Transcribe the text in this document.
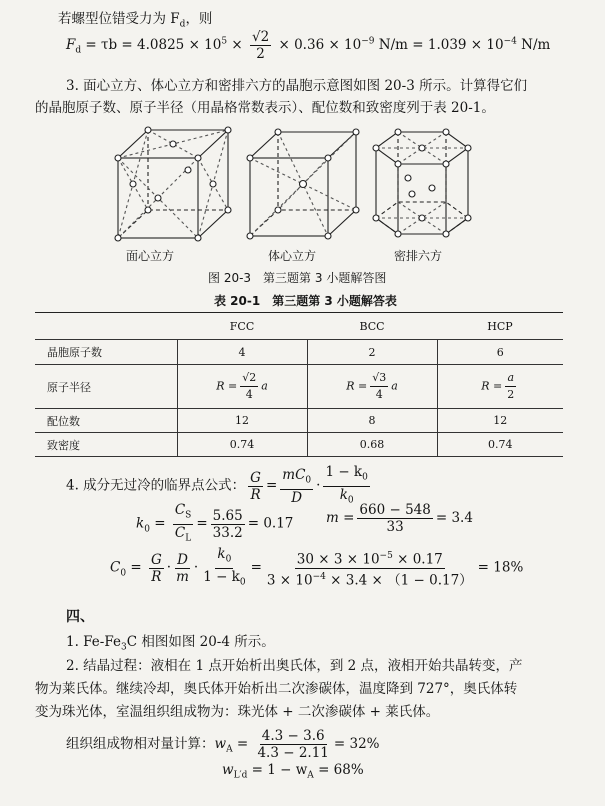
若螺型位错受力为 $F_d$，则
$F_d = \tau b = 4.0825 \times 10^5 \times \frac{√2}{2} \times 0.36 \times 10^{-9}$ $N/m = 1.039 \times 10^{-4}$ N/m
3. 面心立方、体心立方和密排六方的晶胞示意图如图 20-3 所示。计算得它们
的晶胞原子数、原子半径（用晶格常数表示）、配位数和致密度列于表 20-1。
面心立方	体心立方	密排六方
图 20-3　第三题第 3 小题解答图
表 20-1　第三题第 3 小题解答表
	FCC	BCC	HCP
晶胞原子数	4	2	6
原子半径	$R = \frac{√2}{4}$ a	$R = \frac{√3}{4}$ a	$R = \frac{a}{2}$

配位数	12	8	12
致密度	0.74	0.68	0.74
4. 成分无过冷的临界点公式： $\frac{G}{R} = \frac{mC_0}{D} \cdot \frac{1 - k_0}{k_0}$
$k_0 = \frac{C_S}{C_L} = \frac{5.65}{33.2} = 0.17$ $m = \frac{660 - 548}{33} = 3.4$
$C_0 = \frac{G}{R} \cdot \frac{D}{m} \cdot \frac{k_0}{1 - k_0} = \frac{30 \times 3 \times 10^{-5} \times 0.17}{3 \times 10^{-4} \times 3.4 \times (1 - 0.17)} = 18\%$
四、
1. $Fe-Fe_3C$ 相图如图 20-4 所示。
2. 结晶过程：液相在 1 点开始析出奥氏体，到 2 点，液相开始共晶转变，产
物为莱氏体。继续冷却，奥氏体开始析出二次渗碳体，温度降到 727°，奥氏体转
变为珠光体，室温组织组成物为：珠光体 + 二次渗碳体 + 莱氏体。
组织组成物相对量计算：$w_A = \frac{4.3 - 3.6}{4.3 - 2.11} = 32\%$
$w_{L'd} = 1 - w_A = 68\%$
